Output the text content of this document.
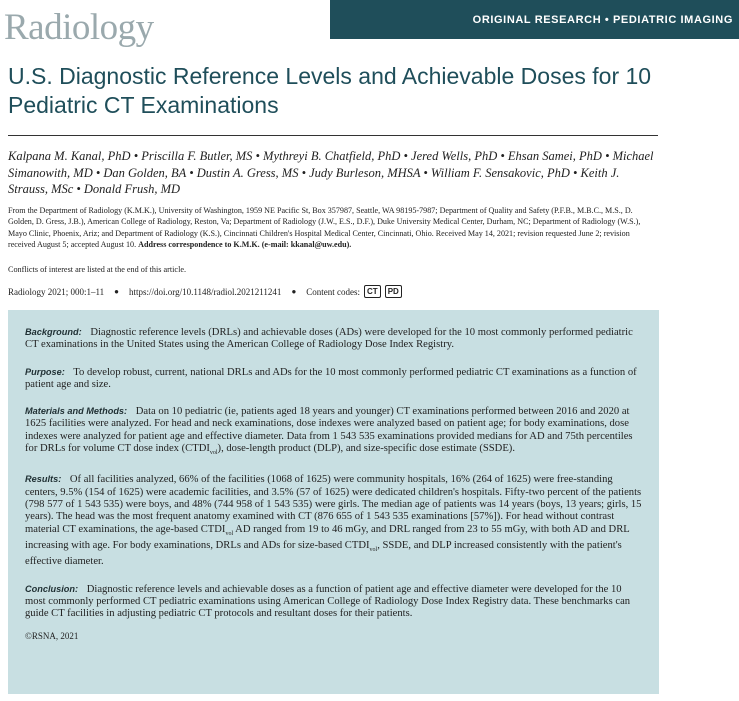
Radiology	ORIGINAL RESEARCH • PEDIATRIC IMAGING
U.S. Diagnostic Reference Levels and Achievable Doses for 10 Pediatric CT Examinations
Kalpana M. Kanal, PhD • Priscilla F. Butler, MS • Mythreyi B. Chatfield, PhD • Jered Wells, PhD • Ehsan Samei, PhD • Michael Simanowith, MD • Dan Golden, BA • Dustin A. Gress, MS • Judy Burleson, MHSA • William F. Sensakovic, PhD • Keith J. Strauss, MSc • Donald Frush, MD
From the Department of Radiology (K.M.K.), University of Washington, 1959 NE Pacific St, Box 357987, Seattle, WA 98195-7987; Department of Quality and Safety (P.F.B., M.B.C., M.S., D. Golden, D. Gress, J.B.), American College of Radiology, Reston, Va; Department of Radiology (J.W., E.S., D.F.), Duke University Medical Center, Durham, NC; Department of Radiology (W.S.), Mayo Clinic, Phoenix, Ariz; and Department of Radiology (K.S.), Cincinnati Children's Hospital Medical Center, Cincinnati, Ohio. Received May 14, 2021; revision requested June 2; revision received August 5; accepted August 10. Address correspondence to K.M.K. (e-mail: kkanal@uw.edu).
Conflicts of interest are listed at the end of this article.
Radiology 2021; 000:1–11 ● https://doi.org/10.1148/radiol.2021211241 ● Content codes: CT	PD

Background: Diagnostic reference levels (DRLs) and achievable doses (ADs) were developed for the 10 most commonly performed pediatric CT examinations in the United States using the American College of Radiology Dose Index Registry.

Purpose: To develop robust, current, national DRLs and ADs for the 10 most commonly performed pediatric CT examinations as a function of patient age and size.

Materials and Methods: Data on 10 pediatric (ie, patients aged 18 years and younger) CT examinations performed between 2016 and 2020 at 1625 facilities were analyzed. For head and neck examinations, dose indexes were analyzed based on patient age; for body examinations, dose indexes were analyzed for patient age and effective diameter. Data from 1 543 535 examinations provided medians for AD and 75th percentiles for DRLs for volume CT dose index $(CTDI_{vol})$, dose-length product (DLP), and size-specific dose estimate (SSDE).

Results: Of all facilities analyzed, 66% of the facilities (1068 of 1625) were community hospitals, 16% (264 of 1625) were free-standing centers, 9.5% (154 of 1625) were academic facilities, and 3.5% (57 of 1625) were dedicated children's hospitals. Fifty-two percent of the patients (798 577 of 1 543 535) were boys, and 48% (744 958 of 1 543 535) were girls. The median age of patients was 14 years (boys, 13 years; girls, 15 years). The head was the most frequent anatomy examined with CT (876 655 of 1 543 535 examinations [57%]). For head without contrast material CT examinations, the age-based $CTDI_{vol}$ AD ranged from 19 to 46 mGy, and DRL ranged from 23 to 55 mGy, with both AD and DRL increasing with age. For body examinations, DRLs and ADs for size-based $CTDI_{vol}$, SSDE, and DLP increased consistently with the patient's effective diameter.

Conclusion: Diagnostic reference levels and achievable doses as a function of patient age and effective diameter were developed for the 10 most commonly performed CT pediatric examinations using American College of Radiology Dose Index Registry data. These benchmarks can guide CT facilities in adjusting pediatric CT protocols and resultant doses for their patients.

©RSNA, 2021
